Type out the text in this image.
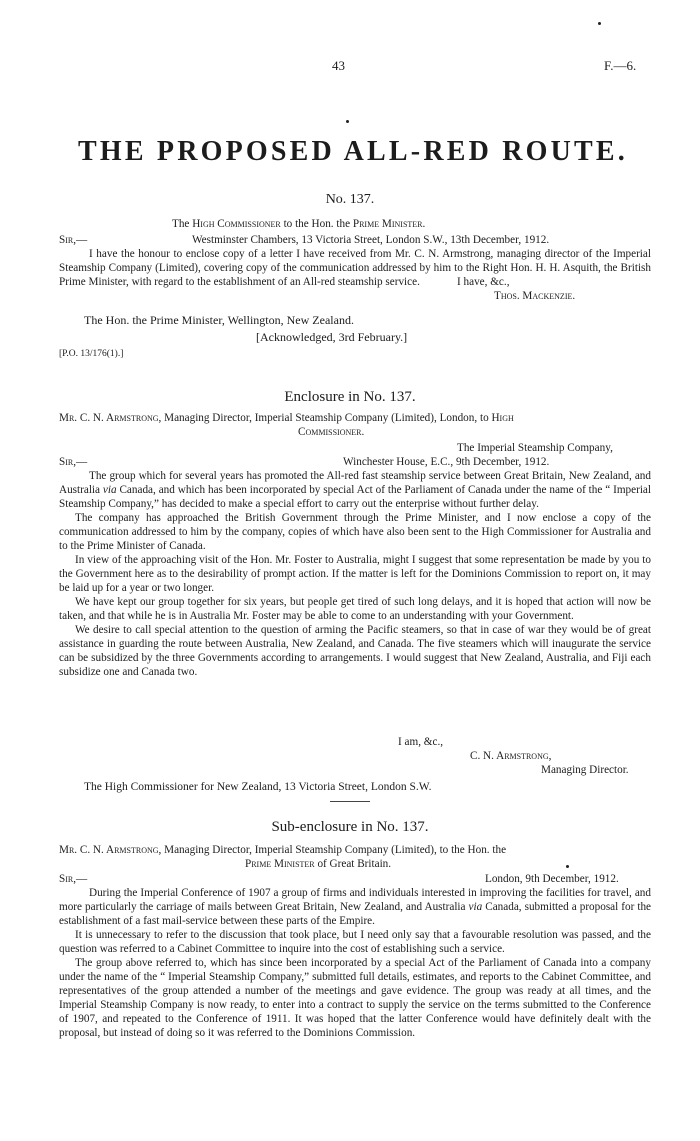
43	F.—6.
THE PROPOSED ALL-RED ROUTE.
No. 137.
The High Commissioner to the Hon. the Prime Minister.
Sir,—	Westminster Chambers, 13 Victoria Street, London S.W., 13th December, 1912.

I have the honour to enclose copy of a letter I have received from Mr. C. N. Armstrong, managing director of the Imperial Steamship Company (Limited), covering copy of the communication addressed by him to the Right Hon. H. H. Asquith, the British Prime Minister, with regard to the establishment of an All-red steamship service.	I have, &c.,
Thos. Mackenzie.
The Hon. the Prime Minister, Wellington, New Zealand.
[Acknowledged, 3rd February.]
[P.O. 13/176(1).]
Enclosure in No. 137.
Mr. C. N. Armstrong, Managing Director, Imperial Steamship Company (Limited), London, to High
Commissioner.
The Imperial Steamship Company,
Sir,—	Winchester House, E.C., 9th December, 1912.

The group which for several years has promoted the All-red fast steamship service between Great Britain, New Zealand, and Australia via Canada, and which has been incorporated by special Act of the Parliament of Canada under the name of the “ Imperial Steamship Company,” has decided to make a special effort to carry out the enterprise without further delay.

The company has approached the British Government through the Prime Minister, and I now enclose a copy of the communication addressed to him by the company, copies of which have also been sent to the High Commissioner for Australia and to the Prime Minister of Canada.

In view of the approaching visit of the Hon. Mr. Foster to Australia, might I suggest that some representation be made by you to the Government here as to the desirability of prompt action. If the matter is left for the Dominions Commission to report on, it may be laid up for a year or two longer.

We have kept our group together for six years, but people get tired of such long delays, and it is hoped that action will now be taken, and that while he is in Australia Mr. Foster may be able to come to an understanding with your Government.

We desire to call special attention to the question of arming the Pacific steamers, so that in case of war they would be of great assistance in guarding the route between Australia, New Zealand, and Canada. The five steamers which will inaugurate the service can be subsidized by the three Governments according to arrangements. I would suggest that New Zealand, Australia, and Fiji each subsidize one and Canada two.

I am, &c.,
C. N. Armstrong,
Managing Director.
The High Commissioner for New Zealand, 13 Victoria Street, London S.W.
Sub-enclosure in No. 137.
Mr. C. N. Armstrong, Managing Director, Imperial Steamship Company (Limited), to the Hon. the
Prime Minister of Great Britain.
Sir,—	London, 9th December, 1912.

During the Imperial Conference of 1907 a group of firms and individuals interested in improving the facilities for travel, and more particularly the carriage of mails between Great Britain, New Zealand, and Australia via Canada, submitted a proposal for the establishment of a fast mail-service between these parts of the Empire.

It is unnecessary to refer to the discussion that took place, but I need only say that a favourable resolution was passed, and the question was referred to a Cabinet Committee to inquire into the cost of establishing such a service.

The group above referred to, which has since been incorporated by a special Act of the Parliament of Canada into a company under the name of the “ Imperial Steamship Company,” submitted full details, estimates, and reports to the Cabinet Committee, and representatives of the group attended a number of the meetings and gave evidence. The group was ready at all times, and the Imperial Steamship Company is now ready, to enter into a contract to supply the service on the terms submitted to the Conference of 1907, and repeated to the Conference of 1911. It was hoped that the latter Conference would have definitely dealt with the proposal, but instead of doing so it was referred to the Dominions Commission.
